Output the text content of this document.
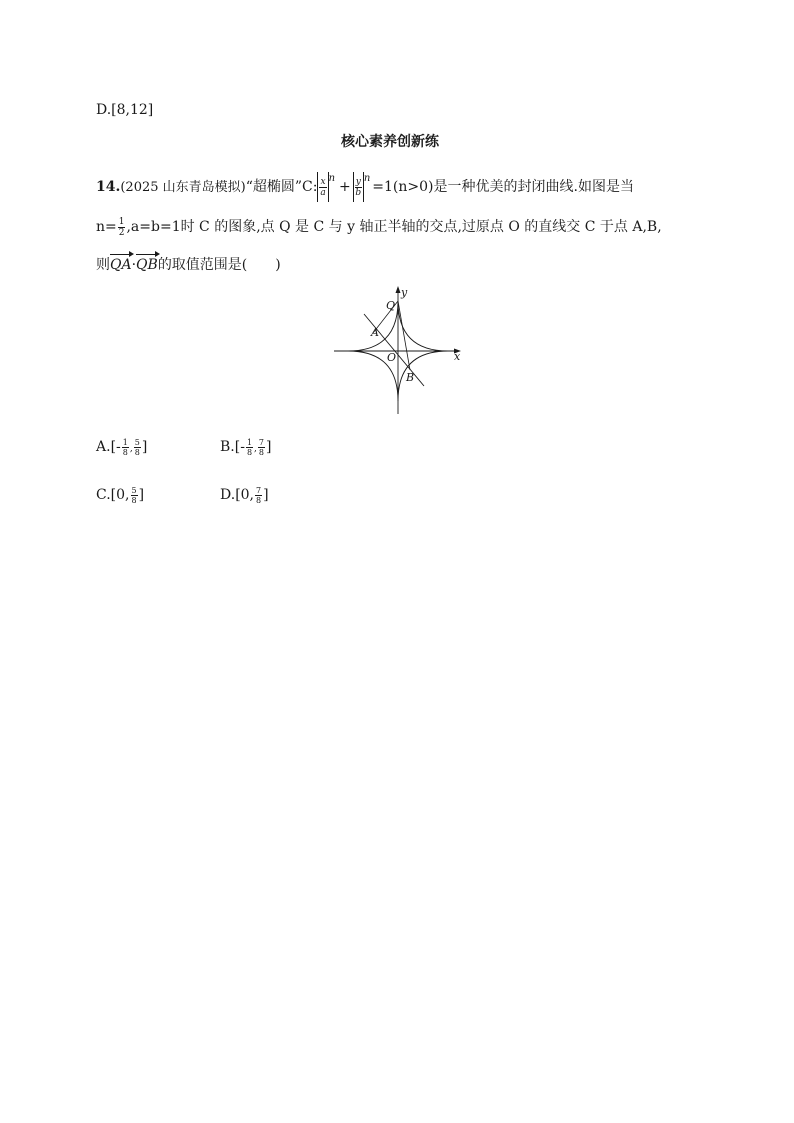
D.[8,12]
核心素养创新练
14.(2025 山东青岛模拟)“超椭圆”C: $\frac{x}{a} ^n+ \frac{y}{b} ^n=1(n>0)$是一种优美的封闭曲线.如图是当
$n= \frac{1}{2} ,a=b=1$时 C 的图象,点 Q 是 C 与 y 轴正半轴的交点,过原点 O 的直线交 C 于点 A,B,
则QA·QB的取值范围是(　　)
y
x
Q
A
O
B
$A.[- \frac{1}{8}$ , $\frac{5}{8}$ ]	$B.[- \frac{1}{8}$ , $\frac{7}{8}$ ]
C.[0, $\frac{5}{8}$ ]	D.[0, $\frac{7}{8}$ ]
